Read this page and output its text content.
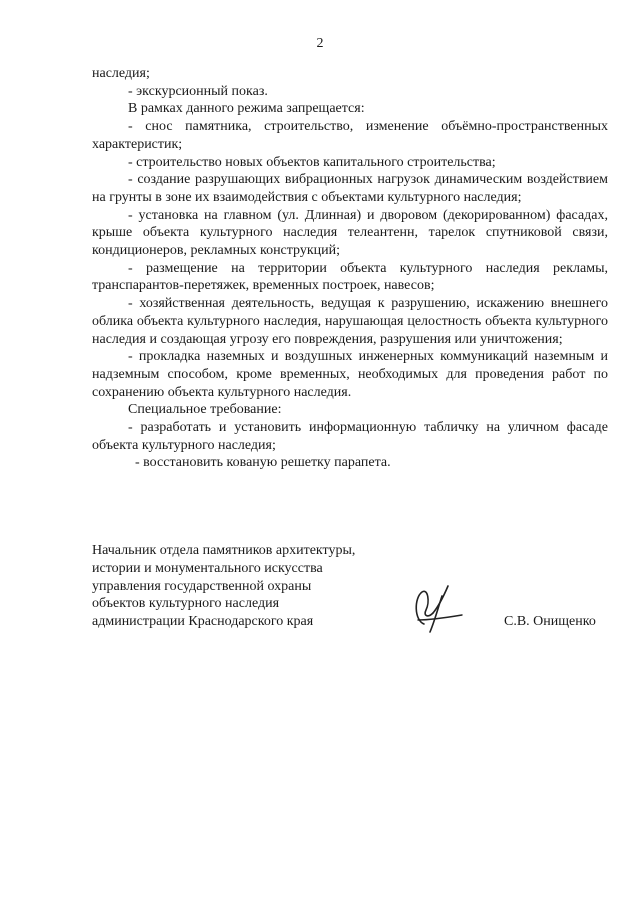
2

наследия;

- экскурсионный показ.

В рамках данного режима запрещается:

- снос памятника, строительство, изменение объёмно-пространственных характеристик;

- строительство новых объектов капитального строительства;

- создание разрушающих вибрационных нагрузок динамическим воздействием на грунты в зоне их взаимодействия с объектами культурного наследия;

- установка на главном (ул. Длинная) и дворовом (декорированном) фасадах, крыше объекта культурного наследия телеантенн, тарелок спутниковой связи, кондиционеров, рекламных конструкций;

- размещение на территории объекта культурного наследия рекламы, транспарантов-перетяжек, временных построек, навесов;

- хозяйственная деятельность, ведущая к разрушению, искажению внешнего облика объекта культурного наследия, нарушающая целостность объекта культурного наследия и создающая угрозу его повреждения, разрушения или уничтожения;

- прокладка наземных и воздушных инженерных коммуникаций наземным и надземным способом, кроме временных, необходимых для проведения работ по сохранению объекта культурного наследия.

Специальное требование:

- разработать и установить информационную табличку на уличном фасаде объекта культурного наследия;

- восстановить кованую решетку парапета.

Начальник отдела памятников архитектуры,
истории и монументального искусства
управления государственной охраны
объектов культурного наследия
администрации Краснодарского края	С.В. Онищенко
